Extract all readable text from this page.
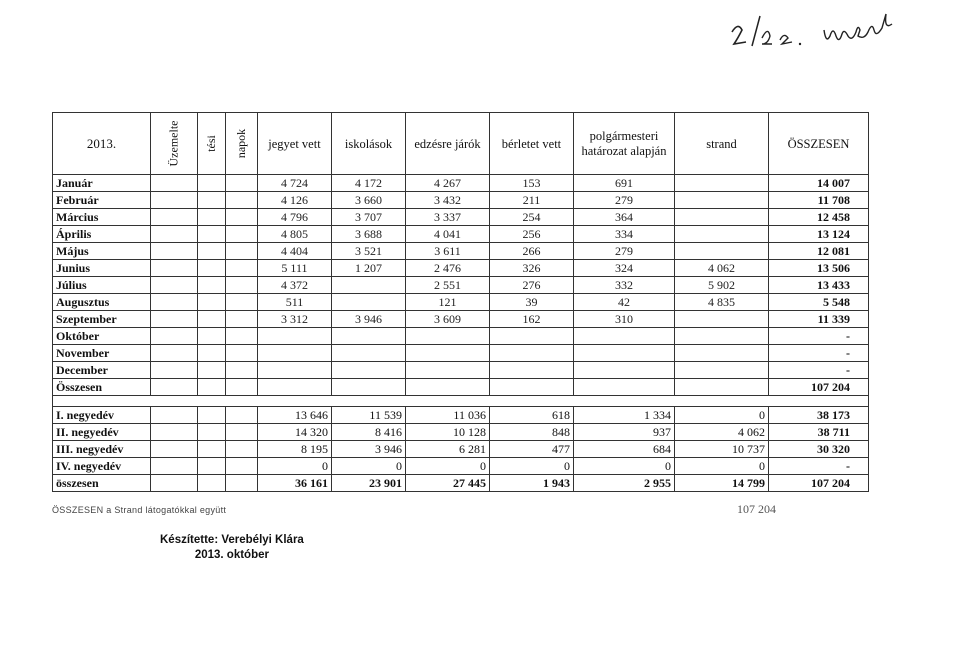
2013.	Üzemelte	tési	napok	jegyet vett	iskolások	edzésre járók	bérletet vett	polgármesteri határozat alapján	strand	ÖSSZESEN
Január				4 724	4 172	4 267	153	691		14 007
Február				4 126	3 660	3 432	211	279		11 708
Március				4 796	3 707	3 337	254	364		12 458
Április				4 805	3 688	4 041	256	334		13 124
Május				4 404	3 521	3 611	266	279		12 081
Junius				5 111	1 207	2 476	326	324	4 062	13 506
Július				4 372		2 551	276	332	5 902	13 433
Augusztus				511		121	39	42	4 835	5 548
Szeptember				3 312	3 946	3 609	162	310		11 339
Október										-
November										-
December										-
Összesen										107 204

I. negyedév				13 646	11 539	11 036	618	1 334	0	38 173
II. negyedév				14 320	8 416	10 128	848	937	4 062	38 711
III. negyedév				8 195	3 946	6 281	477	684	10 737	30 320
IV. negyedév				0	0	0	0	0	0	-
összesen				36 161	23 901	27 445	1 943	2 955	14 799	107 204
ÖSSZESEN a Strand látogatókkal együtt	107 204
Készítette: Verebélyi Klára
2013. október
